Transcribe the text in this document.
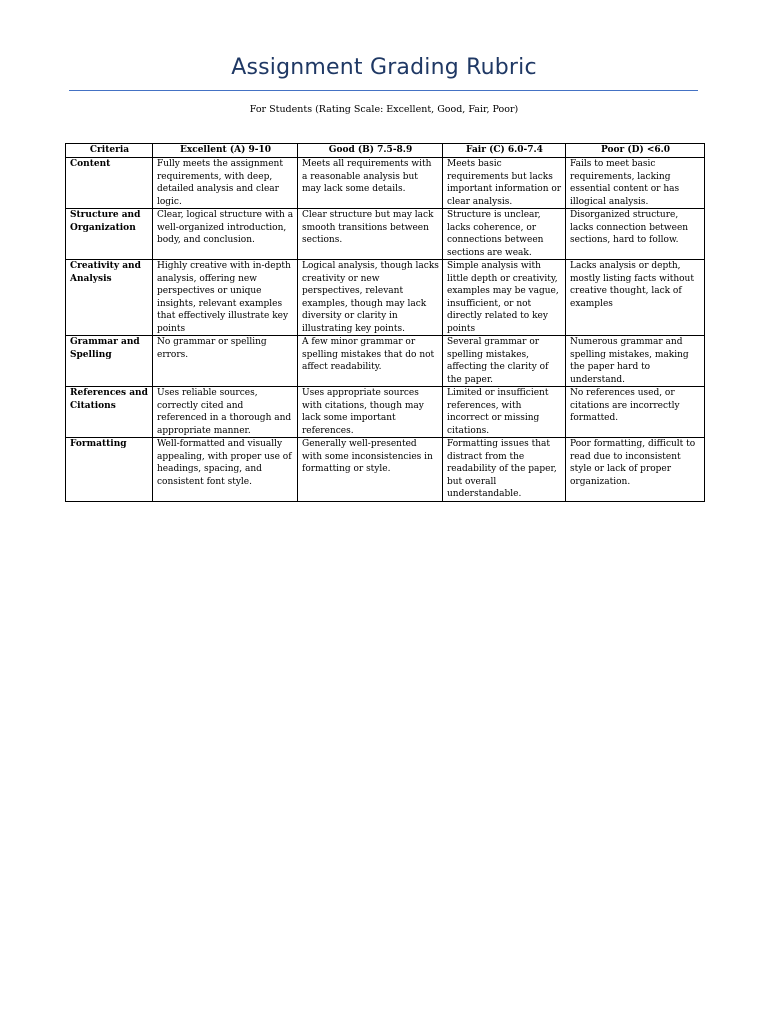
Assignment Grading Rubric
For Students (Rating Scale: Excellent, Good, Fair, Poor)
Criteria	Excellent (A) 9-10	Good (B) 7.5-8.9	Fair (C) 6.0-7.4	Poor (D) <6.0
Content	Fully meets the assignment requirements, with deep, detailed analysis and clear logic.	Meets all requirements with a reasonable analysis but may lack some details.	Meets basic requirements but lacks important information or clear analysis.	Fails to meet basic requirements, lacking essential content or has illogical analysis.
Structure and Organization	Clear, logical structure with a well-organized introduction, body, and conclusion.	Clear structure but may lack smooth transitions between sections.	Structure is unclear, lacks coherence, or connections between sections are weak.	Disorganized structure, lacks connection between sections, hard to follow.
Creativity and Analysis	Highly creative with in-depth analysis, offering new perspectives or unique insights, relevant examples that effectively illustrate key points	Logical analysis, though lacks creativity or new perspectives, relevant examples, though may lack diversity or clarity in illustrating key points.	Simple analysis with little depth or creativity, examples may be vague, insufficient, or not directly related to key points	Lacks analysis or depth, mostly listing facts without creative thought, lack of examples
Grammar and Spelling	No grammar or spelling errors.	A few minor grammar or spelling mistakes that do not affect readability.	Several grammar or spelling mistakes, affecting the clarity of the paper.	Numerous grammar and spelling mistakes, making the paper hard to understand.
References and Citations	Uses reliable sources, correctly cited and referenced in a thorough and appropriate manner.	Uses appropriate sources with citations, though may lack some important references.	Limited or insufficient references, with incorrect or missing citations.	No references used, or citations are incorrectly formatted.
Formatting	Well-formatted and visually appealing, with proper use of headings, spacing, and consistent font style.	Generally well-presented with some inconsistencies in formatting or style.	Formatting issues that distract from the readability of the paper, but overall understandable.	Poor formatting, difficult to read due to inconsistent style or lack of proper organization.
